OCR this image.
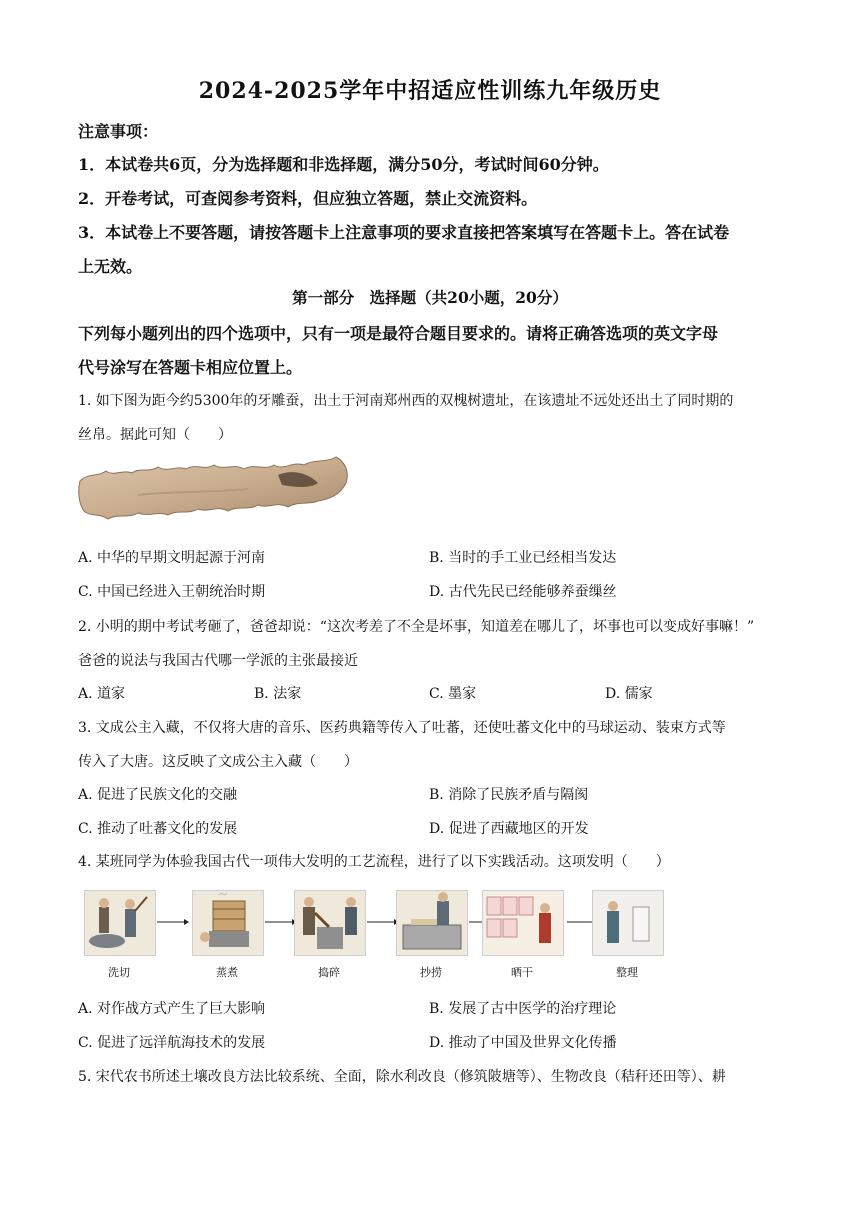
2024-2025学年中招适应性训练九年级历史
注意事项：
1．本试卷共6页，分为选择题和非选择题，满分50分，考试时间60分钟。
2．开卷考试，可查阅参考资料，但应独立答题，禁止交流资料。
3．本试卷上不要答题，请按答题卡上注意事项的要求直接把答案填写在答题卡上。答在试卷
上无效。
第一部分　选择题（共20小题，20分）
下列每小题列出的四个选项中，只有一项是最符合题目要求的。请将正确答选项的英文字母
代号涂写在答题卡相应位置上。
1. 如下图为距今约5300年的牙雕蚕，出土于河南郑州西的双槐树遗址，在该遗址不远处还出土了同时期的
丝帛。据此可知（　　）
A. 中华的早期文明起源于河南	B. 当时的手工业已经相当发达
C. 中国已经进入王朝统治时期	D. 古代先民已经能够养蚕缫丝
2. 小明的期中考试考砸了，爸爸却说：“这次考差了不全是坏事，知道差在哪儿了，坏事也可以变成好事嘛！”
爸爸的说法与我国古代哪一学派的主张最接近
A. 道家	B. 法家	C. 墨家	D. 儒家
3. 文成公主入藏，不仅将大唐的音乐、医药典籍等传入了吐蕃，还使吐蕃文化中的马球运动、装束方式等
传入了大唐。这反映了文成公主入藏（　　）
A. 促进了民族文化的交融	B. 消除了民族矛盾与隔阂
C. 推动了吐蕃文化的发展	D. 促进了西藏地区的开发
4. 某班同学为体验我国古代一项伟大发明的工艺流程，进行了以下实践活动。这项发明（　　）
洗切	蒸煮	捣碎	抄捞	晒干	整理
A. 对作战方式产生了巨大影响	B. 发展了古中医学的治疗理论
C. 促进了远洋航海技术的发展	D. 推动了中国及世界文化传播
5. 宋代农书所述土壤改良方法比较系统、全面，除水利改良（修筑陂塘等）、生物改良（秸秆还田等）、耕
